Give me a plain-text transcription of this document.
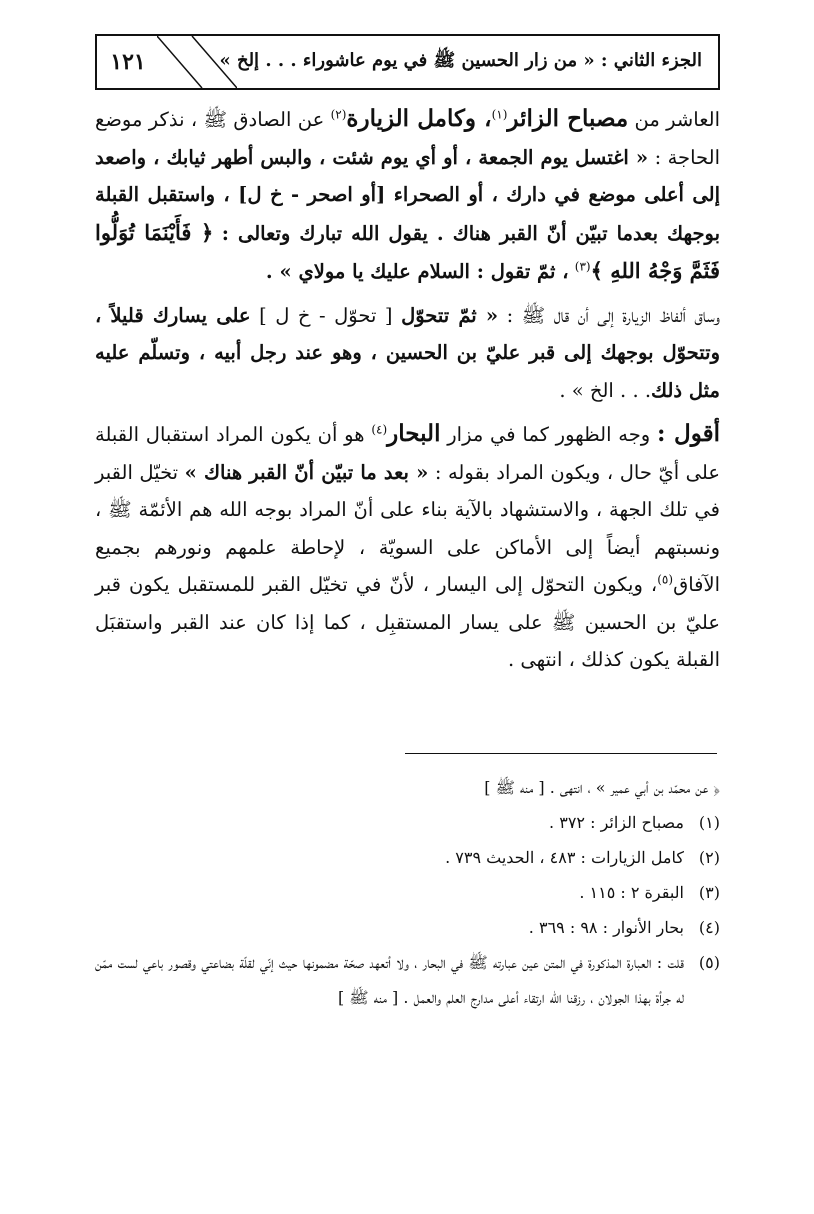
١٢١	الجزء الثاني : « من زار الحسين ﷺ في يوم عاشوراء . . . إلخ »

العاشر من مصباح الزائر$^{(١)}$، وكامل الزيارة$^{(٢)}$ عن الصادق ﷺ ، نذكر موضع الحاجة : « اغتسل يوم الجمعة ، أو أي يوم شئت ، والبس أطهر ثيابك ، واصعد إلى أعلى موضع في دارك ، أو الصحراء [أو اصحر - خ ل] ، واستقبل القبلة بوجهك بعدما تبيّن أنّ القبر هناك . يقول الله تبارك وتعالى : ﴿ فَأَيْنَمَا تُوَلُّوا فَثَمَّ وَجْهُ اللهِ ﴾$^{(٣)}$ ، ثمّ تقول : السلام عليك يا مولاي » .

وساق ألفاظ الزيارة إلى أن قال ﷺ : « ثمّ تتحوّل [ تحوّل - خ ل ] على يسارك قليلاً ، وتتحوّل بوجهك إلى قبر عليّ بن الحسين ، وهو عند رجل أبيه ، وتسلّم عليه مثل ذلك. . . الخ » .

أقول : وجه الظهور كما في مزار البحار$^{(٤)}$ هو أن يكون المراد استقبال القبلة على أيّ حال ، ويكون المراد بقوله : « بعد ما تبيّن أنّ القبر هناك » تخيّل القبر في تلك الجهة ، والاستشهاد بالآية بناء على أنّ المراد بوجه الله هم الأئمّة ﷺ ، ونسبتهم أيضاً إلى الأماكن على السويّة ، لإحاطة علمهم ونورهم بجميع الآفاق$^{(٥)}$، ويكون التحوّل إلى اليسار ، لأنّ في تخيّل القبر للمستقبل يكون قبر عليّ بن الحسين ﷺ على يسار المستقبِل ، كما إذا كان عند القبر واستقبَل القبلة يكون كذلك ، انتهى .

﴿ عن محمّد بن أبي عمير » ، انتهى . [ منه ﷺ ]
(١)
مصباح الزائر : ٣٧٢ .
(٢)
كامل الزيارات : ٤٨٣ ، الحديث ٧٣٩ .
(٣)
البقرة ٢ : ١١٥ .
(٤)
بحار الأنوار : ٩٨ : ٣٦٩ .
(٥)
قلت : العبارة المذكورة في المتن عين عبارته ﷺ في البحار ، ولا أتعهد صحّة مضمونها حيث إنّي لقلّة بضاعتي وقصور باعي لست ممّن له جرأة بهذا الجولان ، رزقنا الله ارتقاء أعلى مدارج العلم والعمل . [ منه ﷺ ]
